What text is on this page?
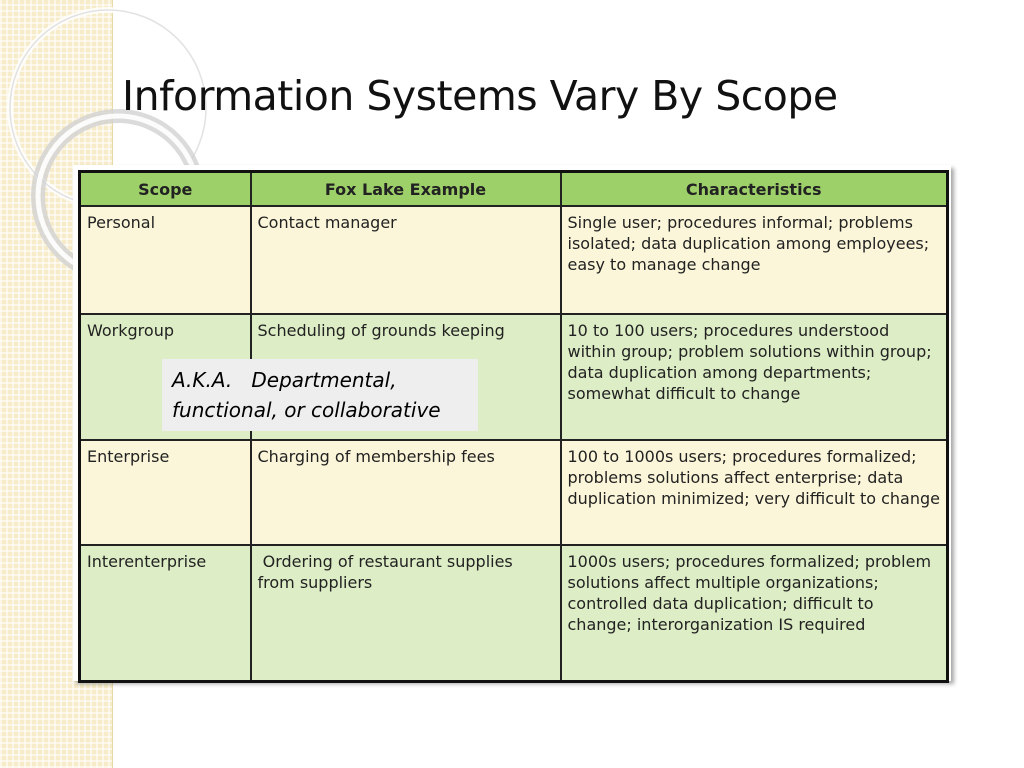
Information Systems Vary By Scope
Scope	Fox Lake Example	Characteristics
Personal	Contact manager	Single user; procedures informal; problems isolated; data duplication among employees; easy to manage change
Workgroup	Scheduling of grounds keeping	10 to 100 users; procedures understood within group; problem solutions within group; data duplication among departments; somewhat difficult to change
Enterprise	Charging of membership fees	100 to 1000s users; procedures formalized; problems solutions affect enterprise; data duplication minimized; very difficult to change
Interenterprise	Ordering of restaurant supplies from suppliers	1000s users; procedures formalized; problem solutions affect multiple organizations; controlled data duplication; difficult to change; interorganization IS required
A.K.A.   Departmental,
functional, or collaborative
